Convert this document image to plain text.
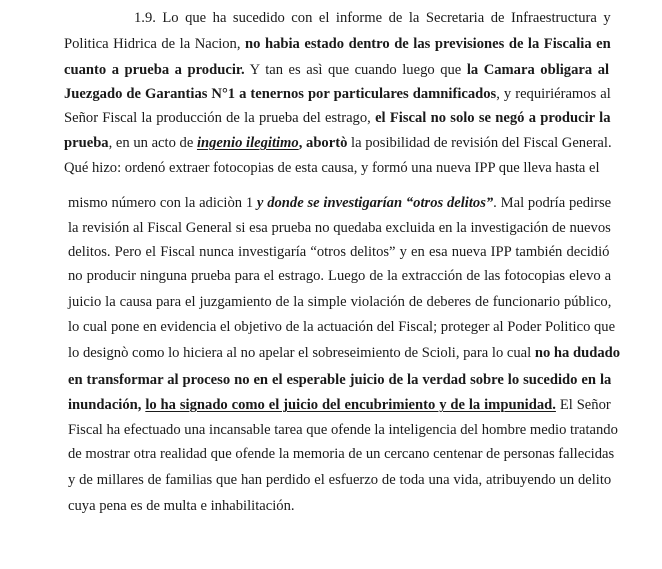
1.9. Lo que ha sucedido con el informe de la Secretaria de Infraestructura y
Politica Hidrica de la Nacion, no habia estado dentro de las previsiones de la Fiscalia en
cuanto a prueba a producir. Y tan es asì que cuando luego que la Camara obligara al
Juezgado de Garantias N°1 a tenernos por particulares damnificados, y requiriéramos al
Señor Fiscal la producción de la prueba del estrago, el Fiscal no solo se negó a producir la
prueba, en un acto de ingenio ilegitimo, abortò la posibilidad de revisión del Fiscal General.
Qué hizo: ordenó extraer fotocopias de esta causa, y formó una nueva IPP que lleva hasta el
mismo número con la adiciòn 1 y donde se investigarían “otros delitos”. Mal podría pedirse
la revisión al Fiscal General si esa prueba no quedaba excluida en la investigación de nuevos
delitos. Pero el Fiscal nunca investigaría “otros delitos” y en esa nueva IPP también decidió
no producir ninguna prueba para el estrago. Luego de la extracción de las fotocopias elevo a
juicio la causa para el juzgamiento de la simple violación de deberes de funcionario público,
lo cual pone en evidencia el objetivo de la actuación del Fiscal; proteger al Poder Politico que
lo designò como lo hiciera al no apelar el sobreseimiento de Scioli, para lo cual no ha dudado
en transformar al proceso no en el esperable juicio de la verdad sobre lo sucedido en la
inundación, lo ha signado como el juicio del encubrimiento y de la impunidad. El Señor
Fiscal ha efectuado una incansable tarea que ofende la inteligencia del hombre medio tratando
de mostrar otra realidad que ofende la memoria de un cercano centenar de personas fallecidas
y de millares de familias que han perdido el esfuerzo de toda una vida, atribuyendo un delito
cuya pena es de multa e inhabilitación.
